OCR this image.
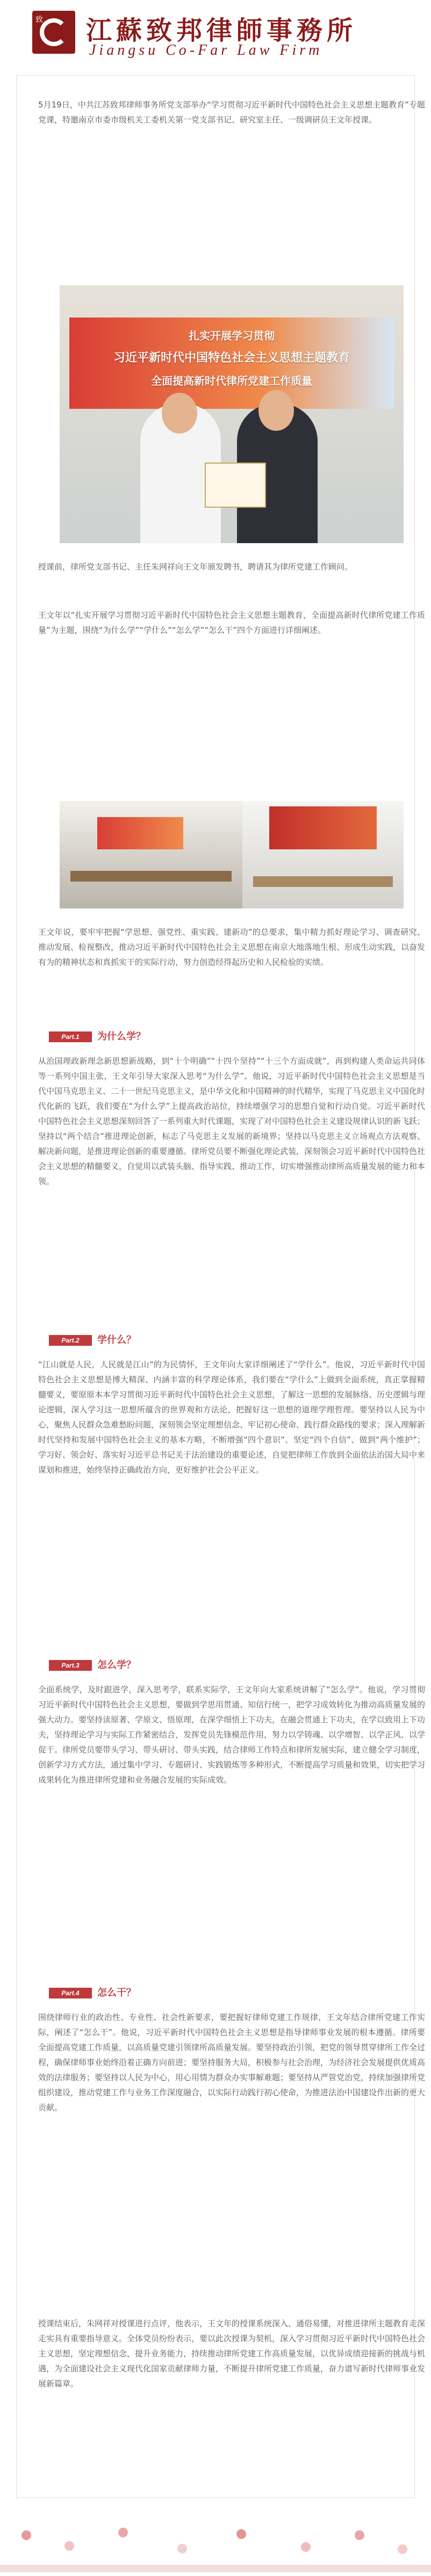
致 江蘇致邦律師事務所
Jiangsu Co-Far Law Firm
5月19日，中共江苏致邦律师事务所党支部举办“学习贯彻习近平新时代中国特色社会主义思想主题教育”专题党课，特邀南京市委市级机关工委机关第一党支部书记、研究室主任、一级调研员王文年授课。
扎实开展学习贯彻
习近平新时代中国特色社会主义思想主题教育
全面提高新时代律所党建工作质量
授课前，律所党支部书记、主任朱网祥向王文年颁发聘书，聘请其为律所党建工作顾问。
王文年以“扎实开展学习贯彻习近平新时代中国特色社会主义思想主题教育，全面提高新时代律所党建工作质量”为主题，围绕“为什么学”“学什么”“怎么学”“怎么干”四个方面进行详细阐述。
王文年说，要牢牢把握“学思想、强党性、重实践、建新功”的总要求，集中精力抓好理论学习、调查研究、推动发展、检视整改，推动习近平新时代中国特色社会主义思想在南京大地落地生根、形成生动实践，以奋发有为的精神状态和真抓实干的实际行动，努力创造经得起历史和人民检验的实绩。
Part.1	为什么学？
从治国理政新理念新思想新战略，到“十个明确”“十四个坚持”“十三个方面成就”，再到构建人类命运共同体等一系列中国主张，王文年引导大家深入思考“为什么学”。他说，习近平新时代中国特色社会主义思想是当代中国马克思主义、二十一世纪马克思主义，是中华文化和中国精神的时代精华，实现了马克思主义中国化时代化新的飞跃，我们要在“为什么学”上提高政治站位，持续增强学习的思想自觉和行动自觉。习近平新时代中国特色社会主义思想深刻回答了一系列重大时代课题，实现了对中国特色社会主义建设规律认识的新飞跃；坚持以“两个结合”推进理论创新，标志了马克思主义发展的新境界；坚持以马克思主义立场观点方法观察、解决新问题，是推进理论创新的重要遵循。律所党员要不断强化理论武装，深刻领会习近平新时代中国特色社会主义思想的精髓要义，自觉用以武装头脑、指导实践、推动工作，切实增强推动律所高质量发展的能力和本领。
Part.2	学什么？
“江山就是人民，人民就是江山”的为民情怀，王文年向大家详细阐述了“学什么”。他说，习近平新时代中国特色社会主义思想是博大精深、内涵丰富的科学理论体系，我们要在“学什么”上做到全面系统，真正掌握精髓要义，要原原本本学习贯彻习近平新时代中国特色社会主义思想，了解这一思想的发展脉络、历史逻辑与理论逻辑，深入学习这一思想所蕴含的世界观和方法论，把握好这一思想的道理学理哲理。要坚持以人民为中心，聚焦人民群众急难愁盼问题，深刻领会坚定理想信念、牢记初心使命、践行群众路线的要求；深入理解新时代坚持和发展中国特色社会主义的基本方略，不断增强“四个意识”、坚定“四个自信”、做到“两个维护”；学习好、领会好、落实好习近平总书记关于法治建设的重要论述，自觉把律师工作放到全面依法治国大局中来谋划和推进，始终坚持正确政治方向，更好维护社会公平正义。
Part.3	怎么学？
全面系统学，及时跟进学，深入思考学，联系实际学，王文年向大家系统讲解了“怎么学”。他说，学习贯彻习近平新时代中国特色社会主义思想，要做到学思用贯通、知信行统一，把学习成效转化为推动高质量发展的强大动力。要坚持读原著、学原文、悟原理，在深学细悟上下功夫，在融会贯通上下功夫，在学以致用上下功夫，坚持理论学习与实际工作紧密结合，发挥党员先锋模范作用，努力以学铸魂、以学增智、以学正风、以学促干。律所党员要带头学习、带头研讨、带头实践，结合律师工作特点和律所发展实际，建立健全学习制度，创新学习方式方法，通过集中学习、专题研讨、实践锻炼等多种形式，不断提高学习质量和效果，切实把学习成果转化为推进律所党建和业务融合发展的实际成效。
Part.4	怎么干？
围绕律师行业的政治性、专业性、社会性新要求，要把握好律师党建工作规律，王文年结合律所党建工作实际，阐述了“怎么干”。他说，习近平新时代中国特色社会主义思想是指导律师事业发展的根本遵循。律所要全面提高党建工作质量，以高质量党建引领律所高质量发展。要坚持政治引领，把党的领导贯穿律所工作全过程，确保律师事业始终沿着正确方向前进；要坚持服务大局，积极参与社会治理，为经济社会发展提供优质高效的法律服务；要坚持以人民为中心，用心用情为群众办实事解难题；要坚持从严管党治党，持续加强律所党组织建设，推动党建工作与业务工作深度融合，以实际行动践行初心使命，为推进法治中国建设作出新的更大贡献。
授课结束后，朱网祥对授课进行点评，他表示，王文年的授课系统深入、通俗易懂，对推进律所主题教育走深走实具有重要指导意义。全体党员纷纷表示，要以此次授课为契机，深入学习贯彻习近平新时代中国特色社会主义思想，坚定理想信念，提升业务能力，持续推动律所党建工作高质量发展，以优异成绩迎接新的挑战与机遇，为全面建设社会主义现代化国家贡献律师力量，不断提升律所党建工作质量，奋力谱写新时代律师事业发展新篇章。
